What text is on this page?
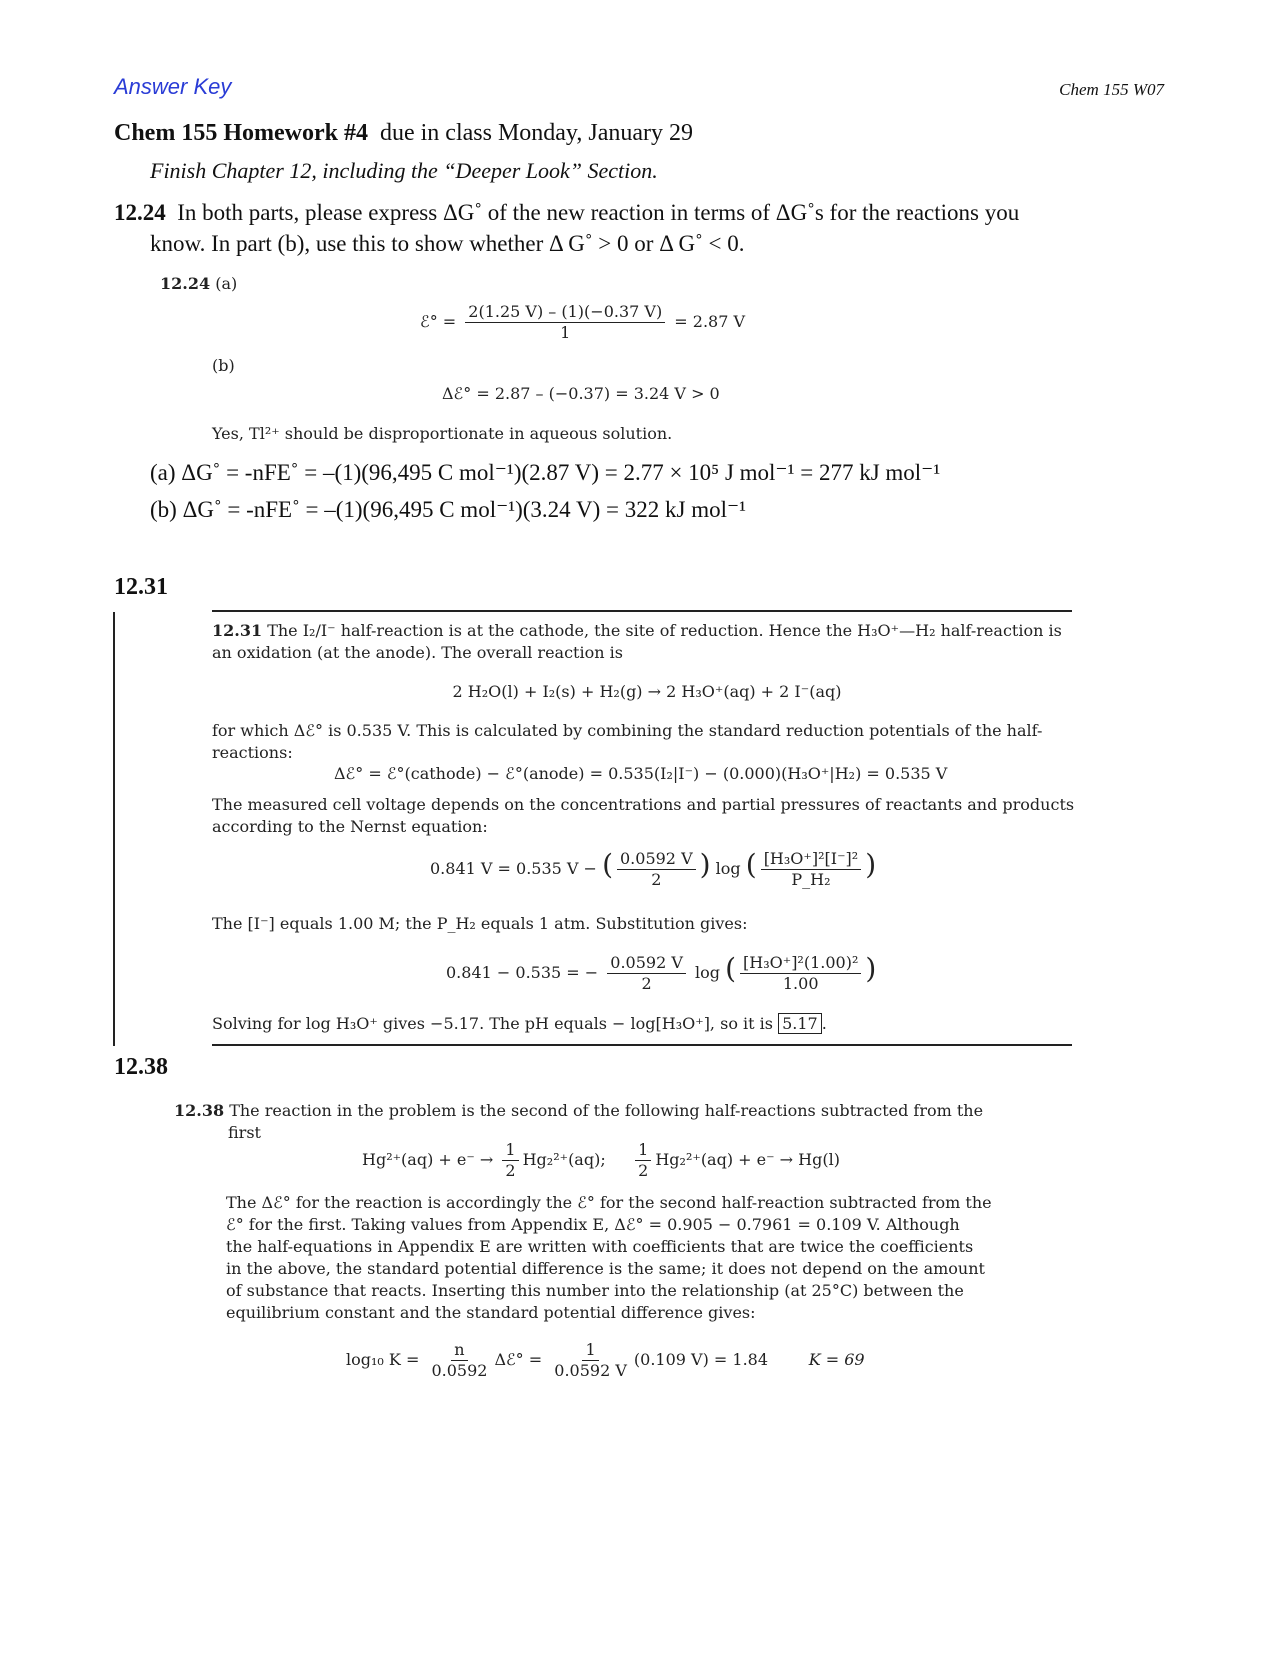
Answer Key	Chem 155 W07
Chem 155 Homework #4 due in class Monday, January 29
Finish Chapter 12, including the “Deeper Look” Section.
12.24 In both parts, please express ΔG˚ of the new reaction in terms of ΔG˚s for the reactions you
know. In part (b), use this to show whether Δ G˚ > 0 or Δ G˚ < 0.
12.24 (a)
ℰ° = $\frac{2(1.25 V) - (1)(-0.37 V)}{1} = 2.87$ V
(b)
Δℰ° = 2.87 – (−0.37) = 3.24 V > 0
Yes, Tl²⁺ should be disproportionate in aqueous solution.
(a) ΔG˚ = -nFE˚ = –(1)(96,495 C mol⁻¹)(2.87 V) = 2.77 × 10⁵ J mol⁻¹ = 277 kJ mol⁻¹
(b) ΔG˚ = -nFE˚ = –(1)(96,495 C mol⁻¹)(3.24 V) = 322 kJ mol⁻¹
12.31
12.31 The I₂/I⁻ half-reaction is at the cathode, the site of reduction. Hence the H₃O⁺—H₂ half-reaction is
an oxidation (at the anode). The overall reaction is
2 H₂O(l) + I₂(s) + H₂(g) → 2 H₃O⁺(aq) + 2 I⁻(aq)
for which Δℰ° is 0.535 V. This is calculated by combining the standard reduction potentials of the half-
reactions:
Δℰ° = ℰ°(cathode) − ℰ°(anode) = 0.535(I₂|I⁻) − (0.000)(H₃O⁺|H₂) = 0.535 V
The measured cell voltage depends on the concentrations and partial pressures of reactants and products
according to the Nernst equation:
0.841 V = 0.535 V − ( $\frac{0.0592 V}{2}$ ) log ( $\frac{\text{[H₃O⁺]²[I⁻]²}}{\text{P\_H₂}}$ )
The [I⁻] equals 1.00 M; the P_H₂ equals 1 atm. Substitution gives:
0.841 − 0.535 = − $\frac{0.0592 V}{2}$ log ( $\frac{\text{[H₃O⁺]²(1.00)²}}{1.00}$ )
Solving for log H₃O⁺ gives −5.17. The pH equals − log[H₃O⁺], so it is 5.17 .
12.38
12.38 The reaction in the problem is the second of the following half-reactions subtracted from the
first
$Hg^{2+}(aq) + e^- \to \frac{1}{2} Hg_2^{2+}(aq)$; $\frac{1}{2} Hg_2^{2+}(aq) + e^- \to Hg(l)$
The Δℰ° for the reaction is accordingly the ℰ° for the second half-reaction subtracted from the
ℰ° for the first. Taking values from Appendix E, Δℰ° = 0.905 − 0.7961 = 0.109 V. Although
the half-equations in Appendix E are written with coefficients that are twice the coefficients
in the above, the standard potential difference is the same; it does not depend on the amount
of substance that reacts. Inserting this number into the relationship (at 25°C) between the
equilibrium constant and the standard potential difference gives:
log₁₀ $K = \frac{n}{0.0592}$ Δℰ° = $\frac{1}{0.0592 V} (0.109$ V) = 1.84	K = 69
